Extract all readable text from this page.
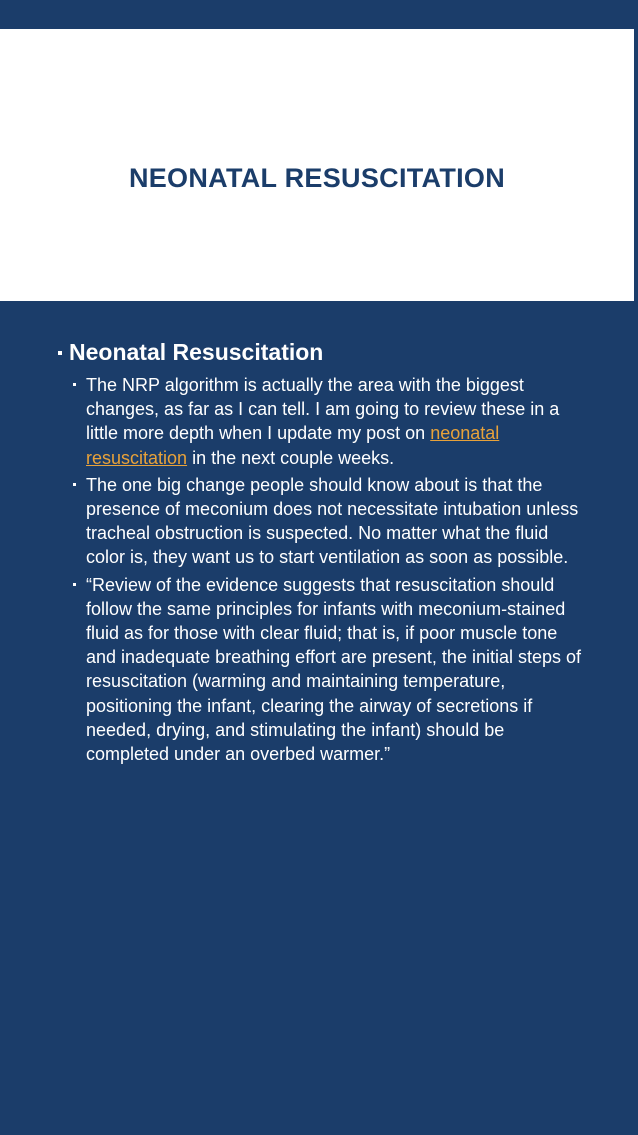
NEONATAL RESUSCITATION
Neonatal Resuscitation
The NRP algorithm is actually the area with the biggest changes, as far as I can tell. I am going to review these in a little more depth when I update my post on neonatal resuscitation in the next couple weeks.
The one big change people should know about is that the presence of meconium does not necessitate intubation unless tracheal obstruction is suspected. No matter what the fluid color is, they want us to start ventilation as soon as possible.
“Review of the evidence suggests that resuscitation should follow the same principles for infants with meconium-stained fluid as for those with clear fluid; that is, if poor muscle tone and inadequate breathing effort are present, the initial steps of resuscitation (warming and maintaining temperature, positioning the infant, clearing the airway of secretions if needed, drying, and stimulating the infant) should be completed under an overbed warmer.”
